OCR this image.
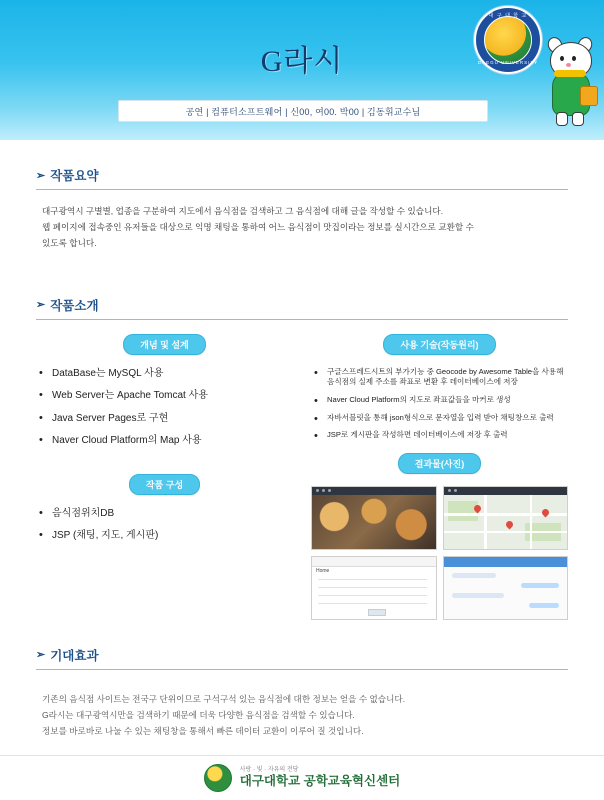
G라시
공연 | 컴퓨터소프트웨어 | 신00, 여00. 박00 | 김동휘교수님
대 구 대 학 교
DAEGU UNIVERSITY
➢ 작품요약
대구광역시 구별별, 업종을 구분하여 지도에서 음식점을 검색하고 그 음식점에 대해 글을 작성할 수 있습니다.
웹 페이지에 접속중인 유저들을 대상으로 익명 채팅을 통하여 어느 음식점이 맛집이라는 정보를 실시간으로 교환할 수
있도록 합니다.
➢ 작품소개
개념 및 설계
• DataBase는 MySQL 사용
• Web Server는 Apache Tomcat 사용
• Java Server Pages로 구현
• Naver Cloud Platform의 Map 사용
작품 구성
• 음식점위치DB
• JSP (채팅, 지도, 게시판)
사용 기술(작동원리)
• 구글스프레드시트의 부가기능 중 Geocode by Awesome Table을 사용해 음식점의 실제 주소를 좌표로 변환 후 데이터베이스에 저장
• Naver Cloud Platform의 지도로 좌표값들을 마커로 생성
• 자바서블릿을 통해 json형식으로 문자열을 입력 받아 채팅창으로 출력
• JSP로 게시판을 작성하면 데이터베이스에 저장 후 출력
결과물(사진)
Home
➢ 기대효과
기존의 음식점 사이트는 전국구 단위이므로 구석구석 있는 음식점에 대한 정보는 얻을 수 없습니다.
G라시는 대구광역시만을 검색하기 때문에 더욱 다양한 음식점을 검색할 수 있습니다.
정보를 바로바로 나눌 수 있는 채팅창을 통해서 빠른 데이터 교환이 이루어 질 것입니다.
사랑 · 빛 · 자유의 전당
대구대학교 공학교육혁신센터
